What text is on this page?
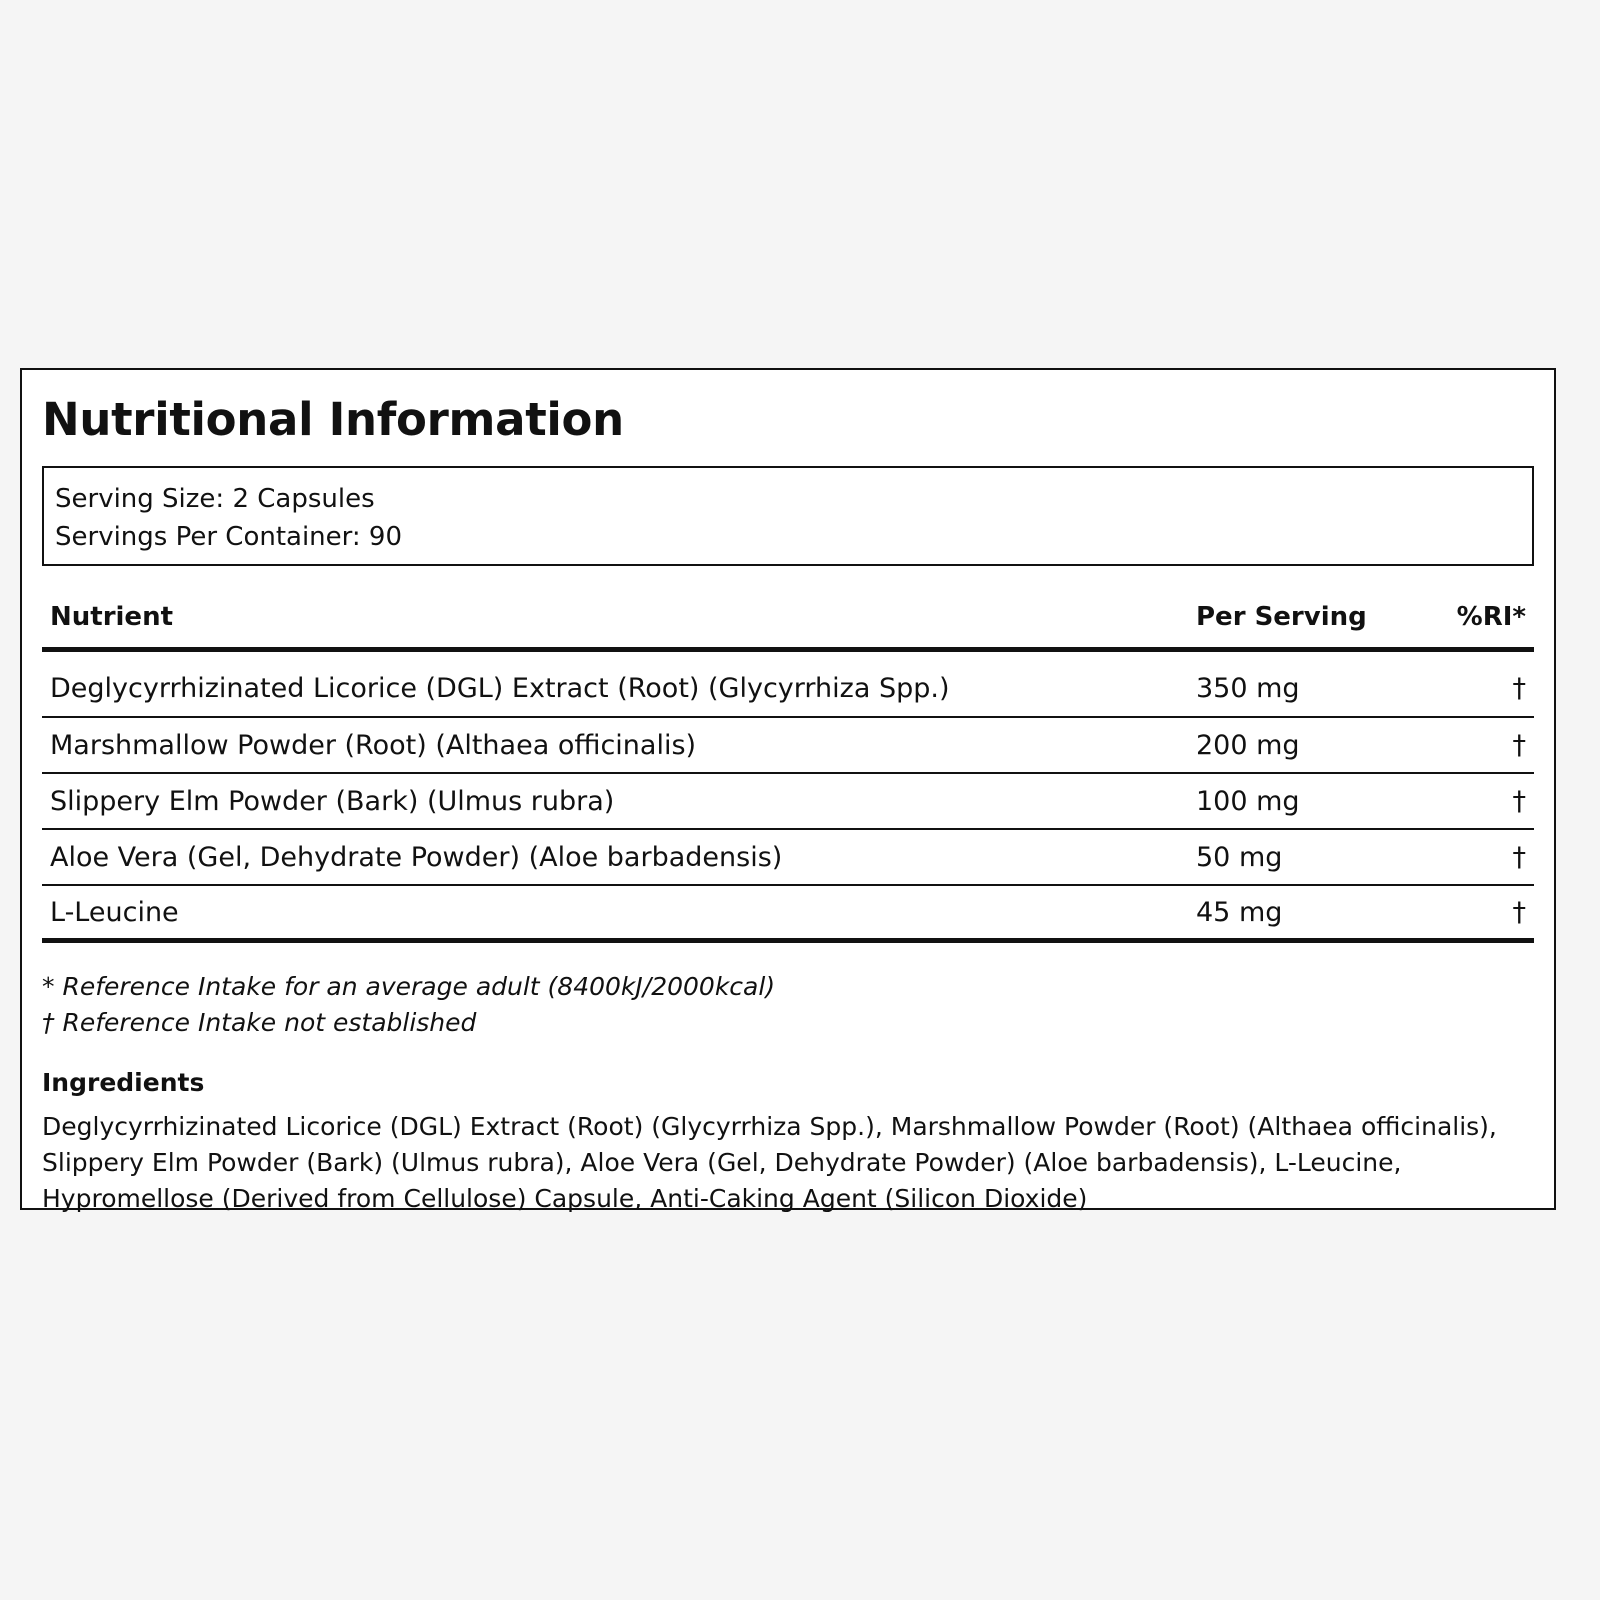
Nutritional Information
Serving Size: 2 Capsules
Servings Per Container: 90
Nutrient	Per Serving	%RI*
Deglycyrrhizinated Licorice (DGL) Extract (Root) (Glycyrrhiza Spp.)	350 mg	†
Marshmallow Powder (Root) (Althaea officinalis)	200 mg	†
Slippery Elm Powder (Bark) (Ulmus rubra)	100 mg	†
Aloe Vera (Gel, Dehydrate Powder) (Aloe barbadensis)	50 mg	†
L-Leucine	45 mg	†
* Reference Intake for an average adult (8400kJ/2000kcal)
† Reference Intake not established
Ingredients
Deglycyrrhizinated Licorice (DGL) Extract (Root) (Glycyrrhiza Spp.), Marshmallow Powder (Root) (Althaea officinalis), Slippery Elm Powder (Bark) (Ulmus rubra), Aloe Vera (Gel, Dehydrate Powder) (Aloe barbadensis), L-Leucine, Hypromellose (Derived from Cellulose) Capsule, Anti-Caking Agent (Silicon Dioxide)
